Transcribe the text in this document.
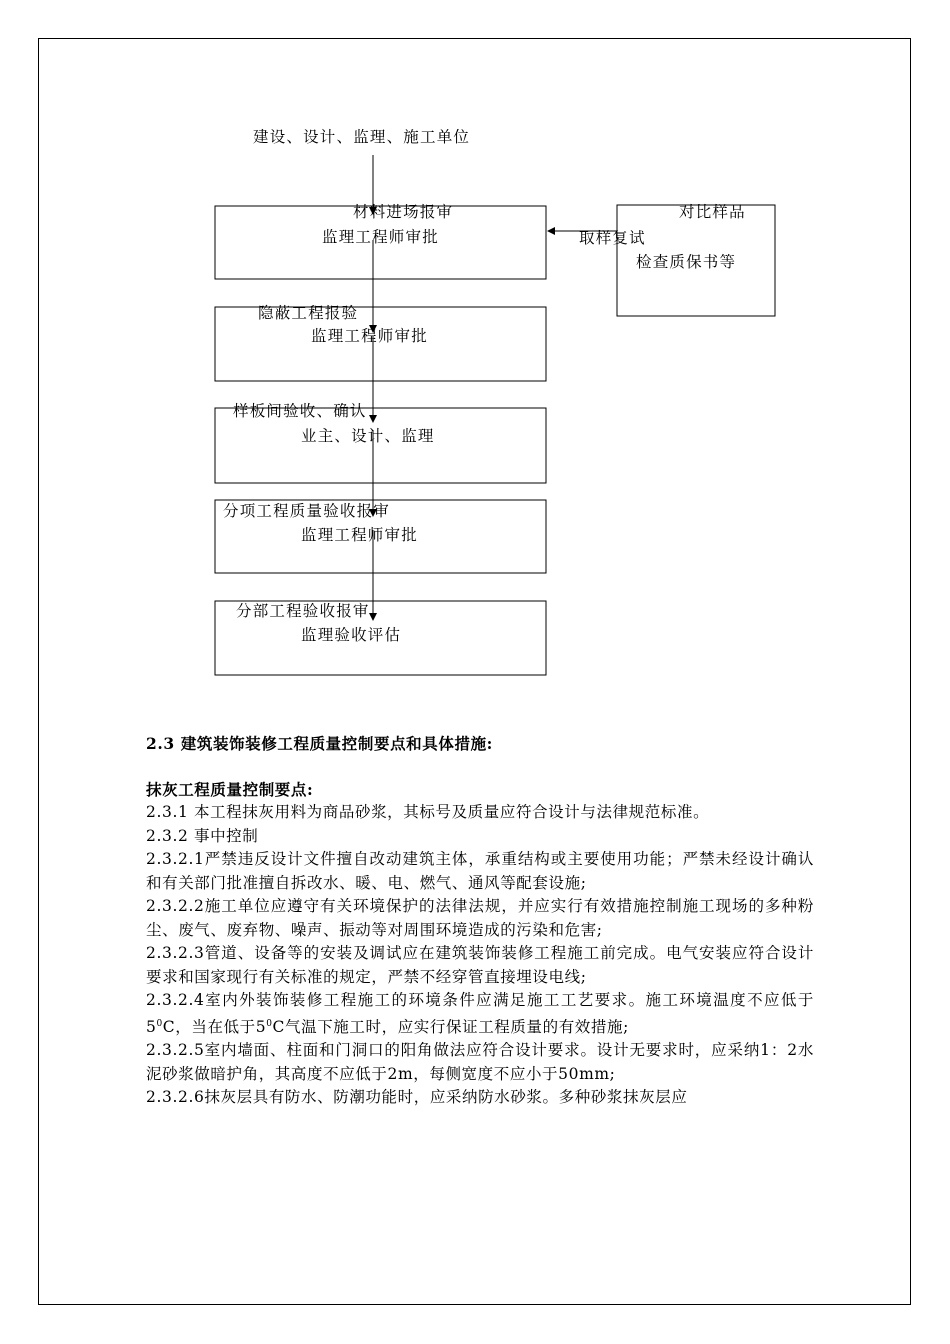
建设、设计、监理、施工单位
材料进场报审
监理工程师审批
隐蔽工程报验
监理工程师审批
样板间验收、确认
业主、设计、监理
分项工程质量验收报审
监理工程师审批
分部工程验收报审
监理验收评估
对比样品
取样复试
检查质保书等

2.3 建筑装饰装修工程质量控制要点和具体措施:

抹灰工程质量控制要点:

2.3.1 本工程抹灰用料为商品砂浆，其标号及质量应符合设计与法律规范标准。

2.3.2 事中控制

2.3.2.1严禁违反设计文件擅自改动建筑主体，承重结构或主要使用功能；严禁未经设计确认和有关部门批准擅自拆改水、暖、电、燃气、通风等配套设施;

2.3.2.2施工单位应遵守有关环境保护的法律法规，并应实行有效措施控制施工现场的多种粉尘、废气、废弃物、噪声、振动等对周围环境造成的污染和危害;

2.3.2.3管道、设备等的安装及调试应在建筑装饰装修工程施工前完成。电气安装应符合设计要求和国家现行有关标准的规定，严禁不经穿管直接埋设电线;

2.3.2.4室内外装饰装修工程施工的环境条件应满足施工工艺要求。施工环境温度不应低于$5^0C$，当在低于$5^0C$气温下施工时，应实行保证工程质量的有效措施;

2.3.2.5室内墙面、柱面和门洞口的阳角做法应符合设计要求。设计无要求时，应采纳1：2水泥砂浆做暗护角，其高度不应低于2m，每侧宽度不应小于50mm;

2.3.2.6抹灰层具有防水、防潮功能时，应采纳防水砂浆。多种砂浆抹灰层应
